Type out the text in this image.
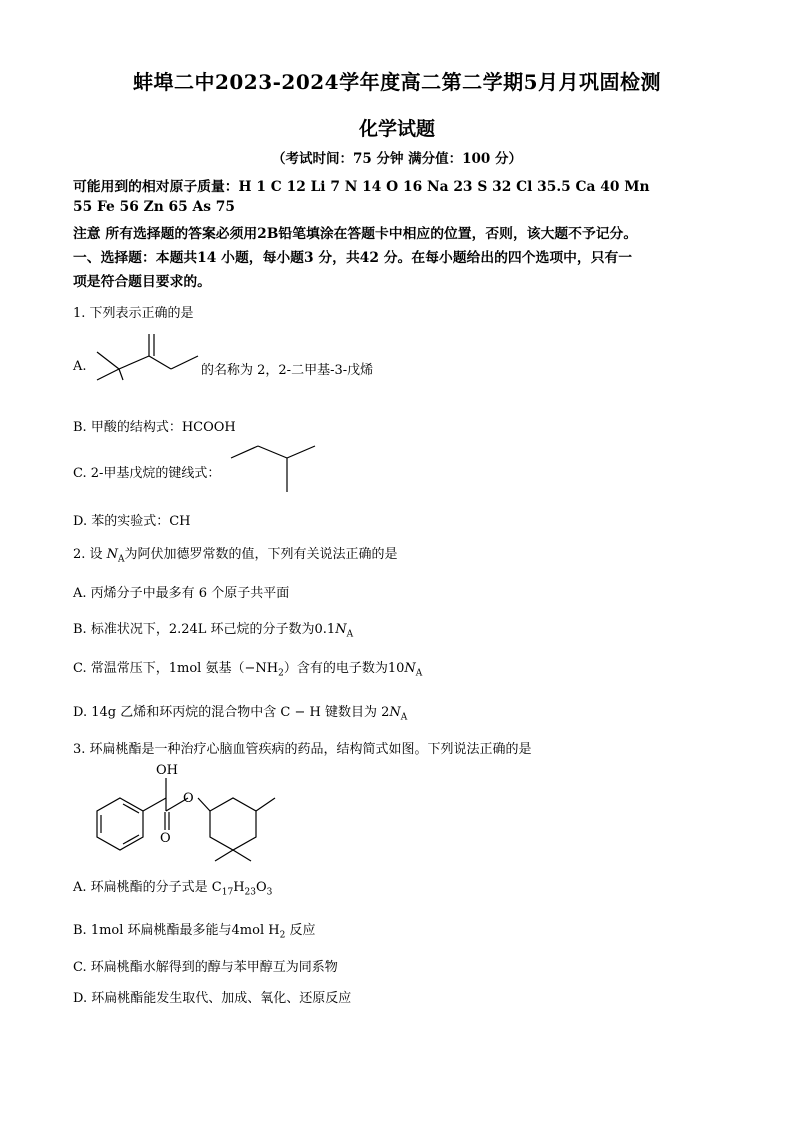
蚌埠二中2023-2024学年度高二第二学期5月月巩固检测
化学试题
（考试时间：75 分钟 满分值：100 分）
可能用到的相对原子质量：H 1 C 12 Li 7 N 14 O 16 Na 23 S 32 Cl 35.5 Ca 40 Mn
55 Fe 56 Zn 65 As 75
注意 所有选择题的答案必须用2B铅笔填涂在答题卡中相应的位置，否则，该大题不予记分。
一、选择题：本题共14 小题，每小题3 分，共42 分。在每小题给出的四个选项中，只有一
项是符合题目要求的。
1. 下列表示正确的是
A.	的名称为 2，2-二甲基-3-戊烯
B. 甲酸的结构式：HCOOH
C. 2-甲基戊烷的键线式：
D. 苯的实验式：CH
2. 设 $N_A$为阿伏加德罗常数的值，下列有关说法正确的是
A. 丙烯分子中最多有 6 个原子共平面
B. 标准状况下，2.24L 环己烷的分子数为$0.1N_A$
C. 常温常压下，1mol 氨基$(-NH_2)$含有的电子数为$10N_A$
D. 14g 乙烯和环丙烷的混合物中含 C − H 键数目为 $2N_A$
3. 环扁桃酯是一种治疗心脑血管疾病的药品，结构简式如图。下列说法正确的是
OH
O
O
A. 环扁桃酯的分子式是 $C_{17}H_{23}O_3$
B. 1mol 环扁桃酯最多能与4mol $H_2$ 反应
C. 环扁桃酯水解得到的醇与苯甲醇互为同系物
D. 环扁桃酯能发生取代、加成、氧化、还原反应
